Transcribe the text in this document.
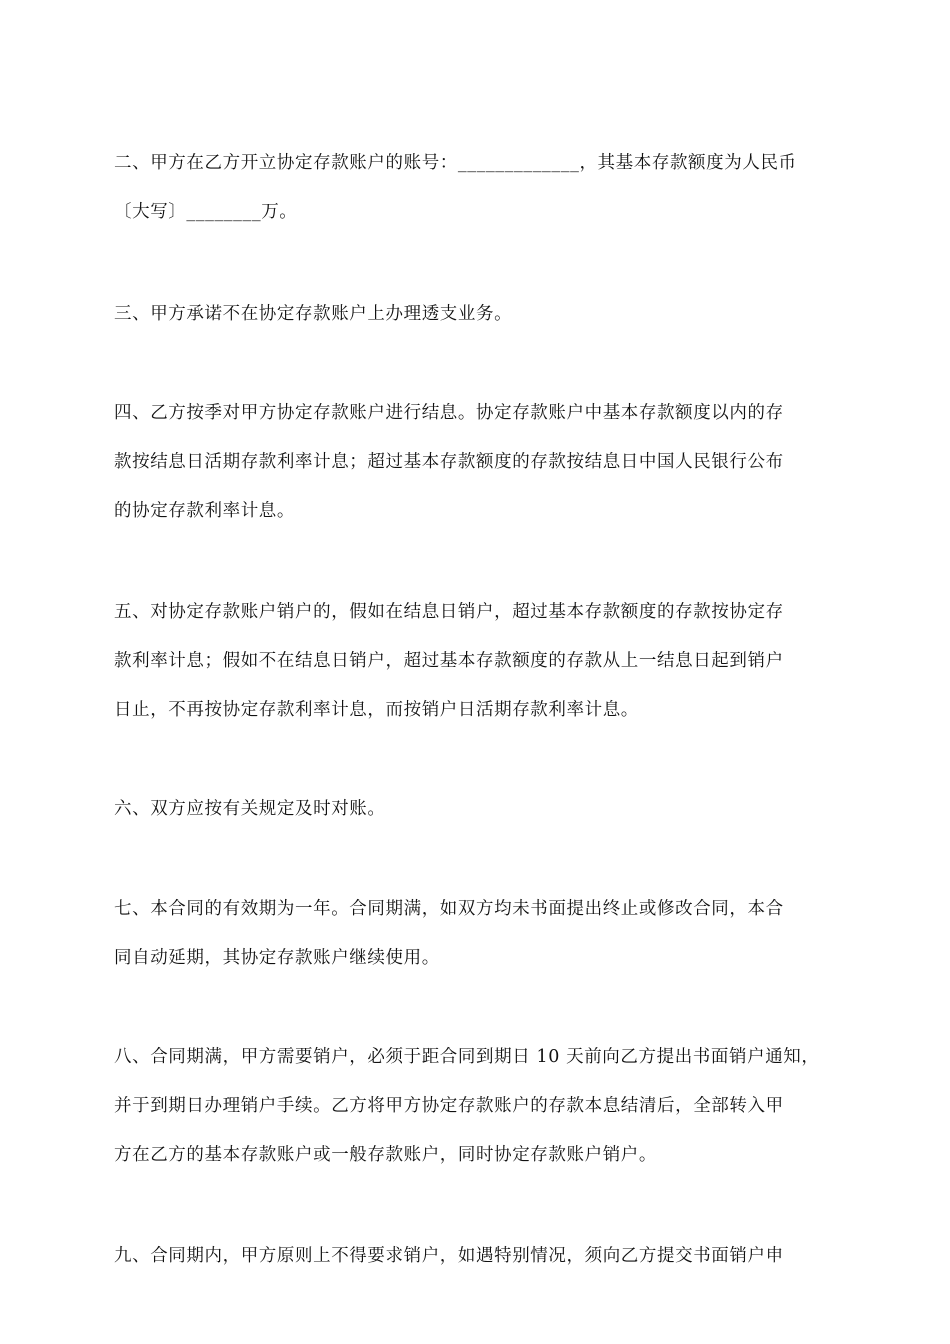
二、甲方在乙方开立协定存款账户的账号：_____________，其基本存款额度为人民币
〔大写〕________万。

三、甲方承诺不在协定存款账户上办理透支业务。

四、乙方按季对甲方协定存款账户进行结息。协定存款账户中基本存款额度以内的存
款按结息日活期存款利率计息；超过基本存款额度的存款按结息日中国人民银行公布
的协定存款利率计息。

五、对协定存款账户销户的，假如在结息日销户，超过基本存款额度的存款按协定存
款利率计息；假如不在结息日销户，超过基本存款额度的存款从上一结息日起到销户
日止，不再按协定存款利率计息，而按销户日活期存款利率计息。

六、双方应按有关规定及时对账。

七、本合同的有效期为一年。合同期满，如双方均未书面提出终止或修改合同，本合
同自动延期，其协定存款账户继续使用。

八、合同期满，甲方需要销户，必须于距合同到期日 10 天前向乙方提出书面销户通知，
并于到期日办理销户手续。乙方将甲方协定存款账户的存款本息结清后，全部转入甲
方在乙方的基本存款账户或一般存款账户，同时协定存款账户销户。

九、合同期内，甲方原则上不得要求销户，如遇特别情况，须向乙方提交书面销户申
